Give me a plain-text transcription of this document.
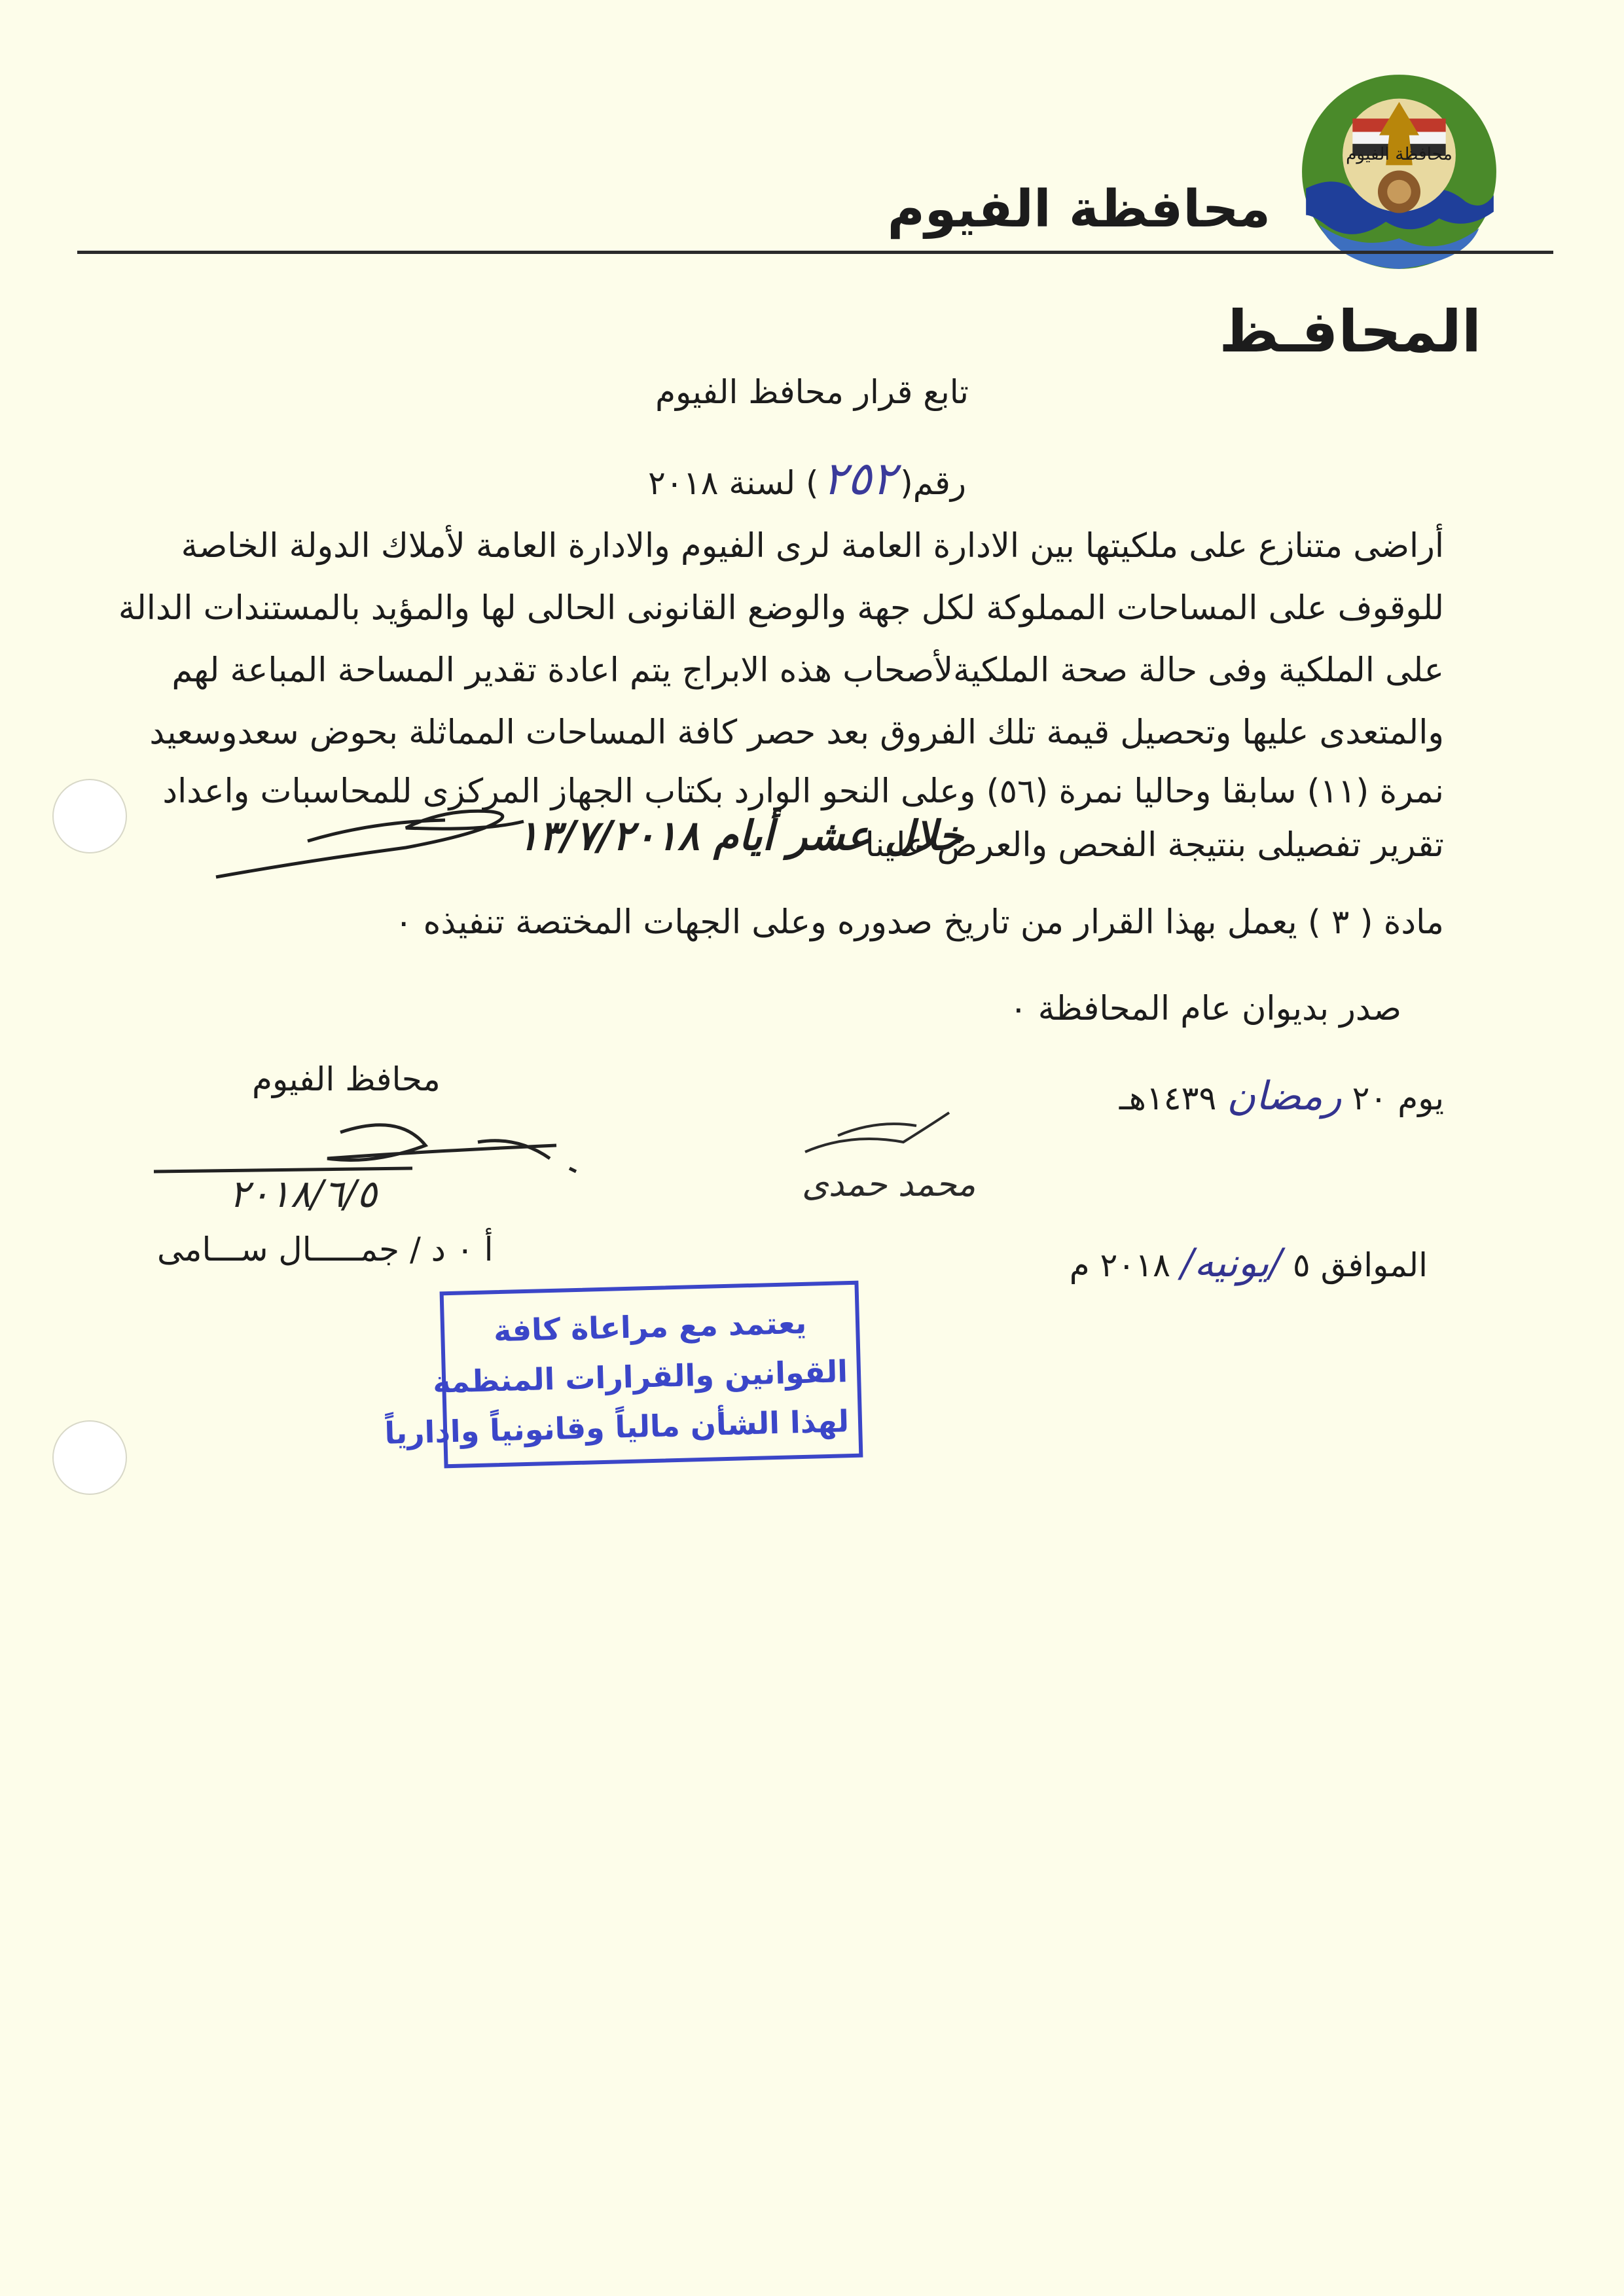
محافظة الفيوم
محافظة الفيوم
المحافـظ
تابع قرار محافظ الفيوم
رقم(٢٥٢) لسنة ٢٠١٨
أراضى متنازع على ملكيتها بين الادارة العامة لرى الفيوم والادارة العامة لأملاك الدولة الخاصة
للوقوف على المساحات المملوكة لكل جهة والوضع القانونى الحالى لها والمؤيد بالمستندات الدالة
على الملكية وفى حالة صحة الملكيةلأصحاب هذه الابراج يتم اعادة تقدير المساحة المباعة لهم
والمتعدى عليها وتحصيل قيمة تلك الفروق بعد حصر كافة المساحات المماثلة بحوض سعدوسعيد
نمرة (١١) سابقا وحاليا نمرة (٥٦) وعلى النحو الوارد بكتاب الجهاز المركزى للمحاسبات واعداد
تقرير تفصيلى بنتيجة الفحص والعرض علينا
خلال عشر أيام ١٣/٧/٢٠١٨
مادة ( ٣ ) يعمل بهذا القرار من تاريخ صدوره وعلى الجهات المختصة تنفيذه ٠
صدر بديوان عام المحافظة ٠
يوم ٢٠ رمضان ١٤٣٩هـ
الموافق ٥ /يونيه/ ٢٠١٨ م
محافظ الفيوم
٢٠١٨/٦/٥
أ ٠ د / جمـــــال ســـامى
محمد حمدى
يعتمد مع مراعاة كافة
القوانين والقرارات المنظمة
لهذا الشأن مالياً وقانونياً وادارياً
